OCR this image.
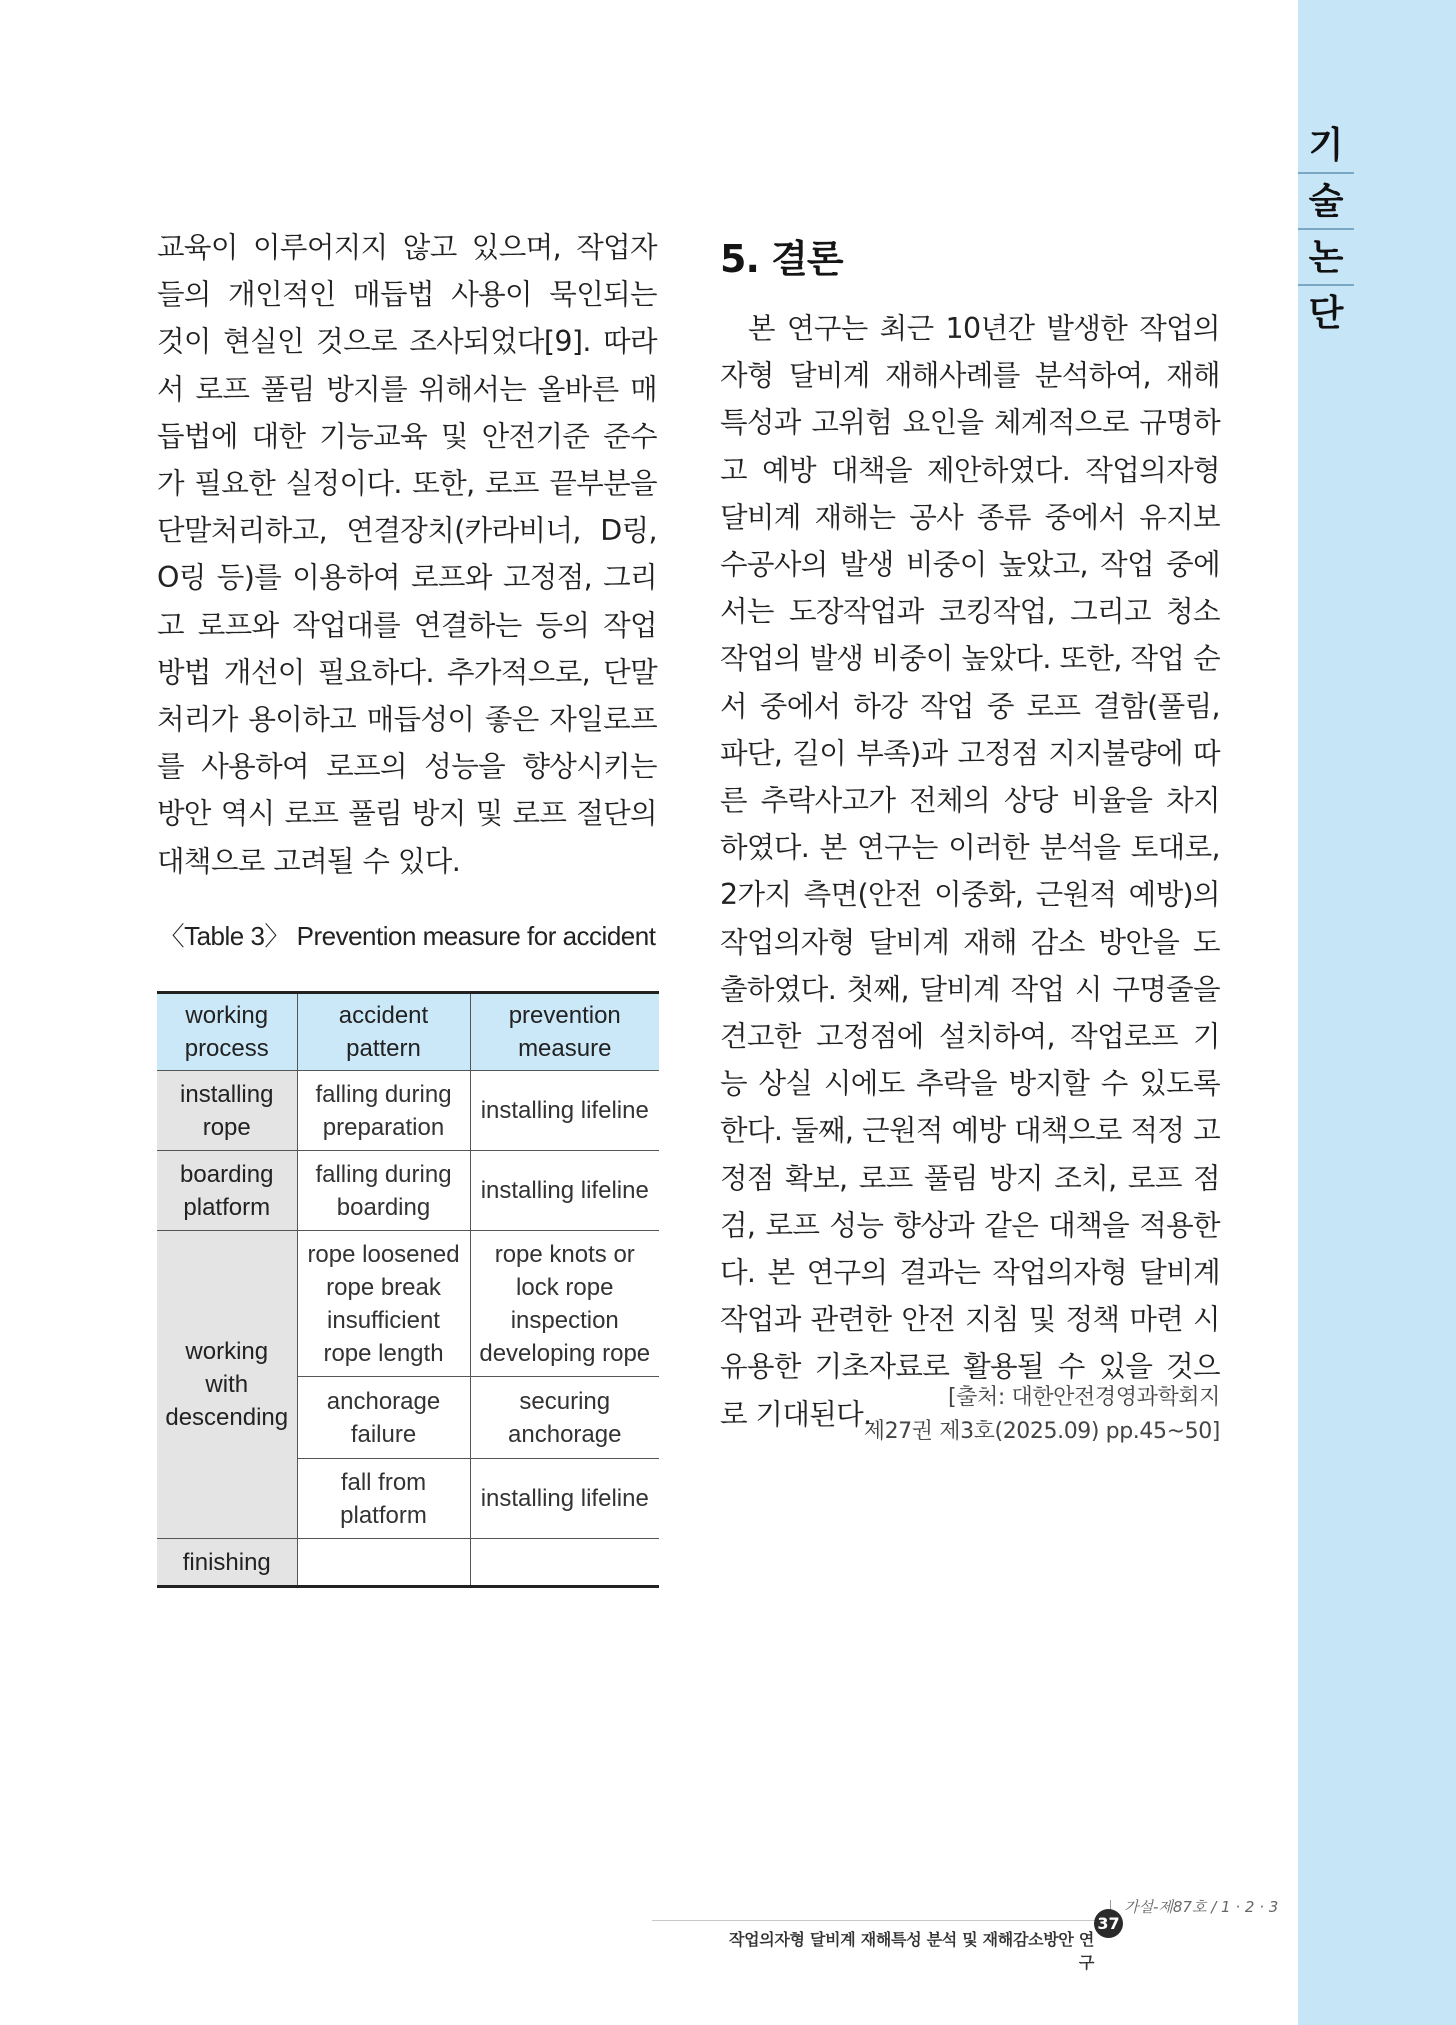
기
술
논
단

교육이 이루어지지 않고 있으며, 작업자들의 개인적인 매듭법 사용이 묵인되는 것이 현실인 것으로 조사되었다[9]. 따라서 로프 풀림 방지를 위해서는 올바른 매듭법에 대한 기능교육 및 안전기준 준수가 필요한 실정이다. 또한, 로프 끝부분을 단말처리하고, 연결장치(카라비너, D링, O링 등)를 이용하여 로프와 고정점, 그리고 로프와 작업대를 연결하는 등의 작업 방법 개선이 필요하다. 추가적으로, 단말처리가 용이하고 매듭성이 좋은 자일로프를 사용하여 로프의 성능을 향상시키는 방안 역시 로프 풀림 방지 및 로프 절단의 대책으로 고려될 수 있다.

〈Table 3〉 Prevention measure for accident

working process	accident pattern	prevention measure
installing rope	falling during preparation	installing lifeline
boarding platform	falling during boarding	installing lifeline
working with descending	rope loosened rope break insufficient rope length	rope knots or lock rope inspection developing rope
	anchorage failure	securing anchorage
	fall from platform	installing lifeline
finishing		
5. 결론

본 연구는 최근 10년간 발생한 작업의자형 달비계 재해사례를 분석하여, 재해 특성과 고위험 요인을 체계적으로 규명하고 예방 대책을 제안하였다. 작업의자형 달비계 재해는 공사 종류 중에서 유지보수공사의 발생 비중이 높았고, 작업 중에서는 도장작업과 코킹작업, 그리고 청소작업의 발생 비중이 높았다. 또한, 작업 순서 중에서 하강 작업 중 로프 결함(풀림, 파단, 길이 부족)과 고정점 지지불량에 따른 추락사고가 전체의 상당 비율을 차지하였다. 본 연구는 이러한 분석을 토대로, 2가지 측면(안전 이중화, 근원적 예방)의 작업의자형 달비계 재해 감소 방안을 도출하였다. 첫째, 달비계 작업 시 구명줄을 견고한 고정점에 설치하여, 작업로프 기능 상실 시에도 추락을 방지할 수 있도록 한다. 둘째, 근원적 예방 대책으로 적정 고정점 확보, 로프 풀림 방지 조치, 로프 점검, 로프 성능 향상과 같은 대책을 적용한다. 본 연구의 결과는 작업의자형 달비계 작업과 관련한 안전 지침 및 정책 마련 시 유용한 기초자료로 활용될 수 있을 것으로 기대된다.

[출처: 대한안전경영과학회지
제27권 제3호(2025.09) pp.45~50]

가설-제87호 / 1 · 2 · 3

37

작업의자형 달비계 재해특성 분석 및 재해감소방안 연구
